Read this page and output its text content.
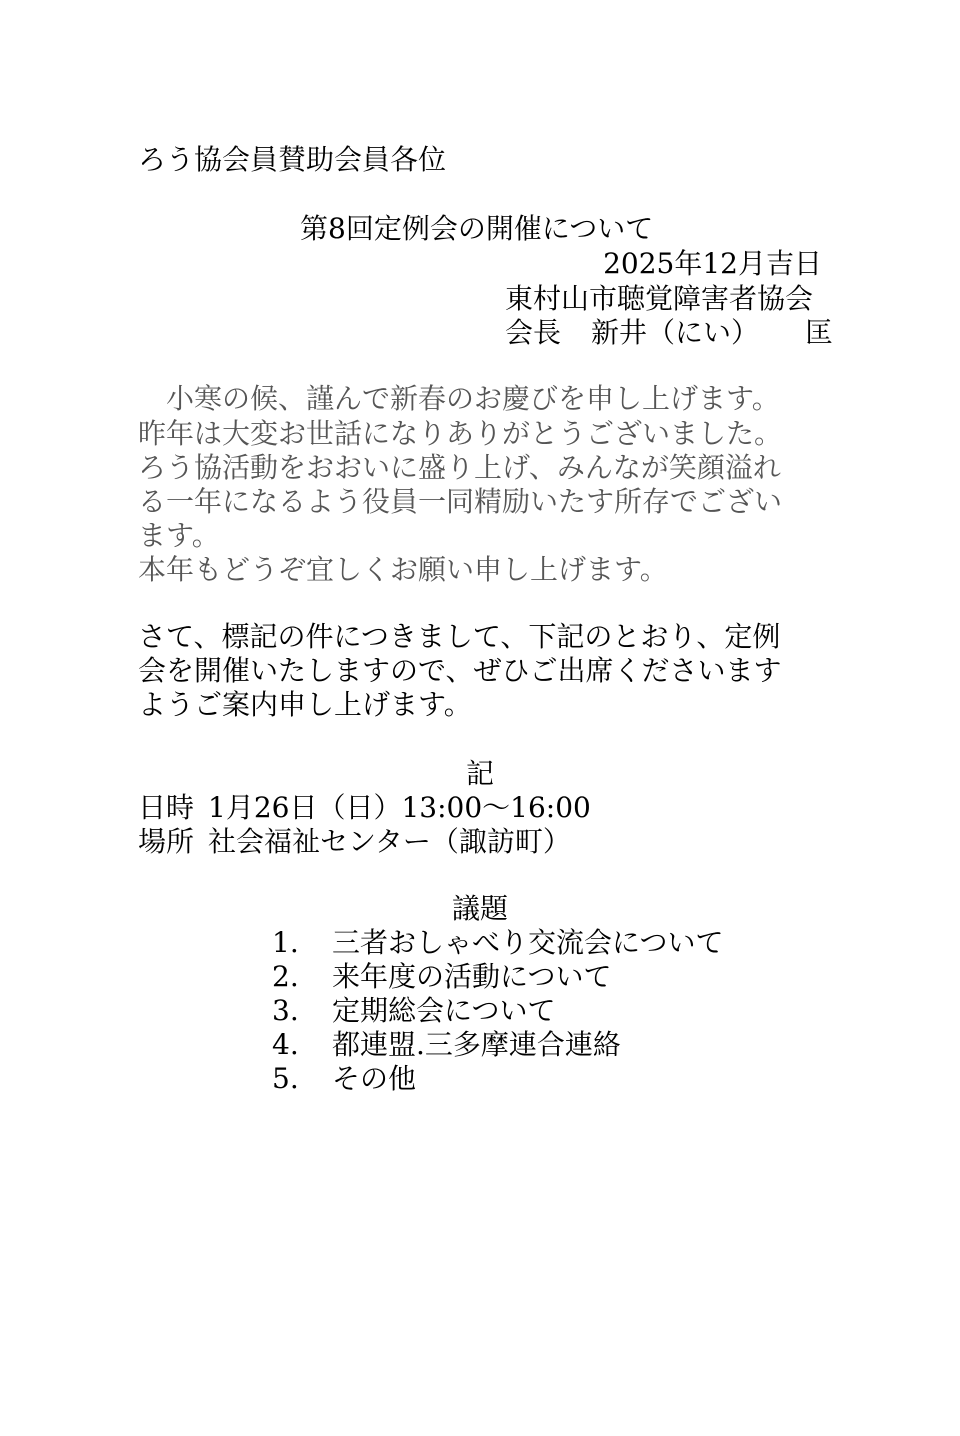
ろう協会員賛助会員各位
第8回定例会の開催について
2025年12月吉日
東村山市聴覚障害者協会
会長 新井（にい） 匡
　小寒の候、謹んで新春のお慶びを申し上げます。
昨年は大変お世話になりありがとうございました。
ろう協活動をおおいに盛り上げ、みんなが笑顔溢れ
る一年になるよう役員一同精励いたす所存でござい
ます。
本年もどうぞ宜しくお願い申し上げます。
さて、標記の件につきまして、下記のとおり、定例
会を開催いたしますので、ぜひご出席くださいます
ようご案内申し上げます。
記
日時 1月26日（日）13:00〜16:00
場所 社会福祉センター（諏訪町）
議題
1. 三者おしゃべり交流会について
2. 来年度の活動について
3. 定期総会について
4. 都連盟.三多摩連合連絡
5. その他
